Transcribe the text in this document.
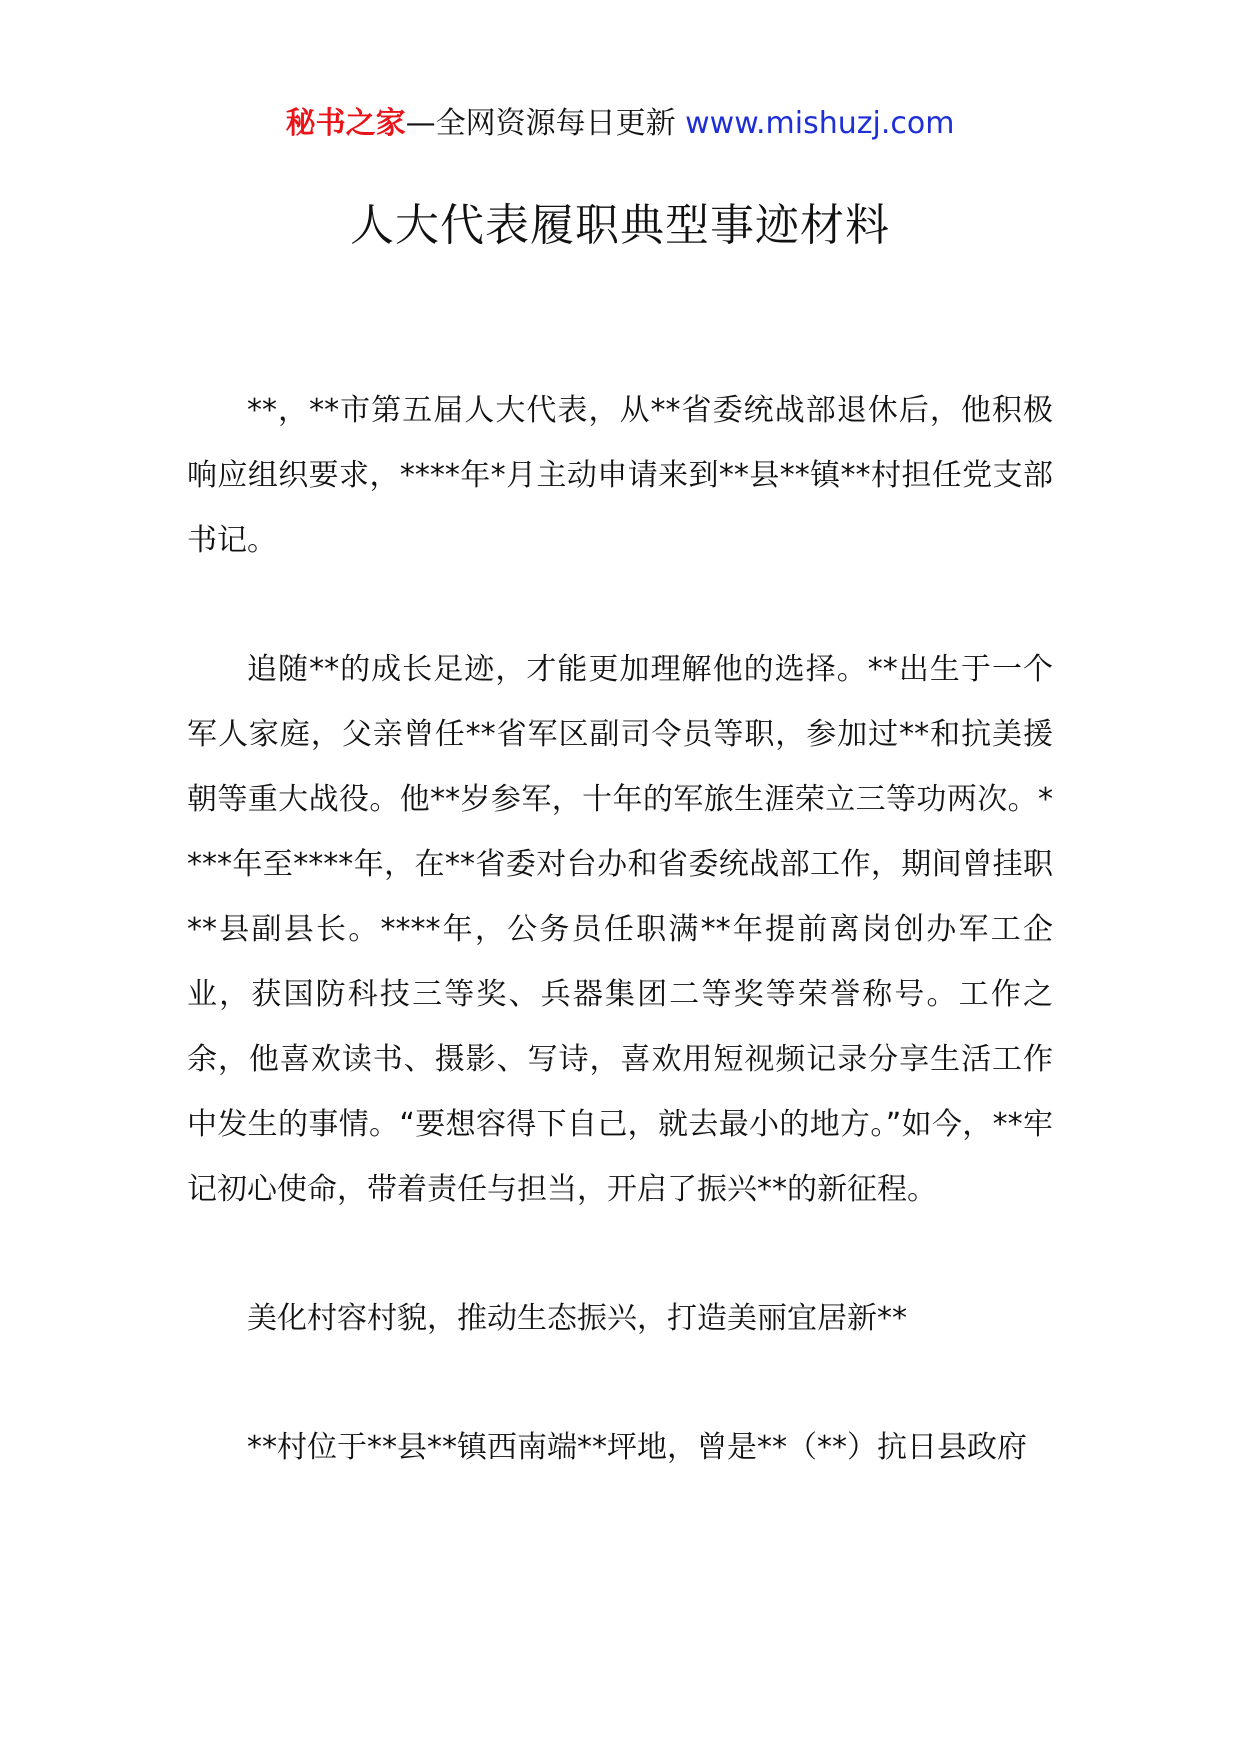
秘书之家—全网资源每日更新 www.mishuzj.com
人大代表履职典型事迹材料

**，**市第五届人大代表，从**省委统战部退休后，他积极响应组织要求，****年*月主动申请来到**县**镇**村担任党支部书记。

追随**的成长足迹，才能更加理解他的选择。**出生于一个军人家庭，父亲曾任**省军区副司令员等职，参加过**和抗美援朝等重大战役。他**岁参军，十年的军旅生涯荣立三等功两次。****年至****年，在**省委对台办和省委统战部工作，期间曾挂职**县副县长。****年，公务员任职满**年提前离岗创办军工企业，获国防科技三等奖、兵器集团二等奖等荣誉称号。工作之余，他喜欢读书、摄影、写诗，喜欢用短视频记录分享生活工作中发生的事情。“要想容得下自己，就去最小的地方。”如今，**牢记初心使命，带着责任与担当，开启了振兴**的新征程。

美化村容村貌，推动生态振兴，打造美丽宜居新**

**村位于**县**镇西南端**坪地，曾是**（**）抗日县政府
